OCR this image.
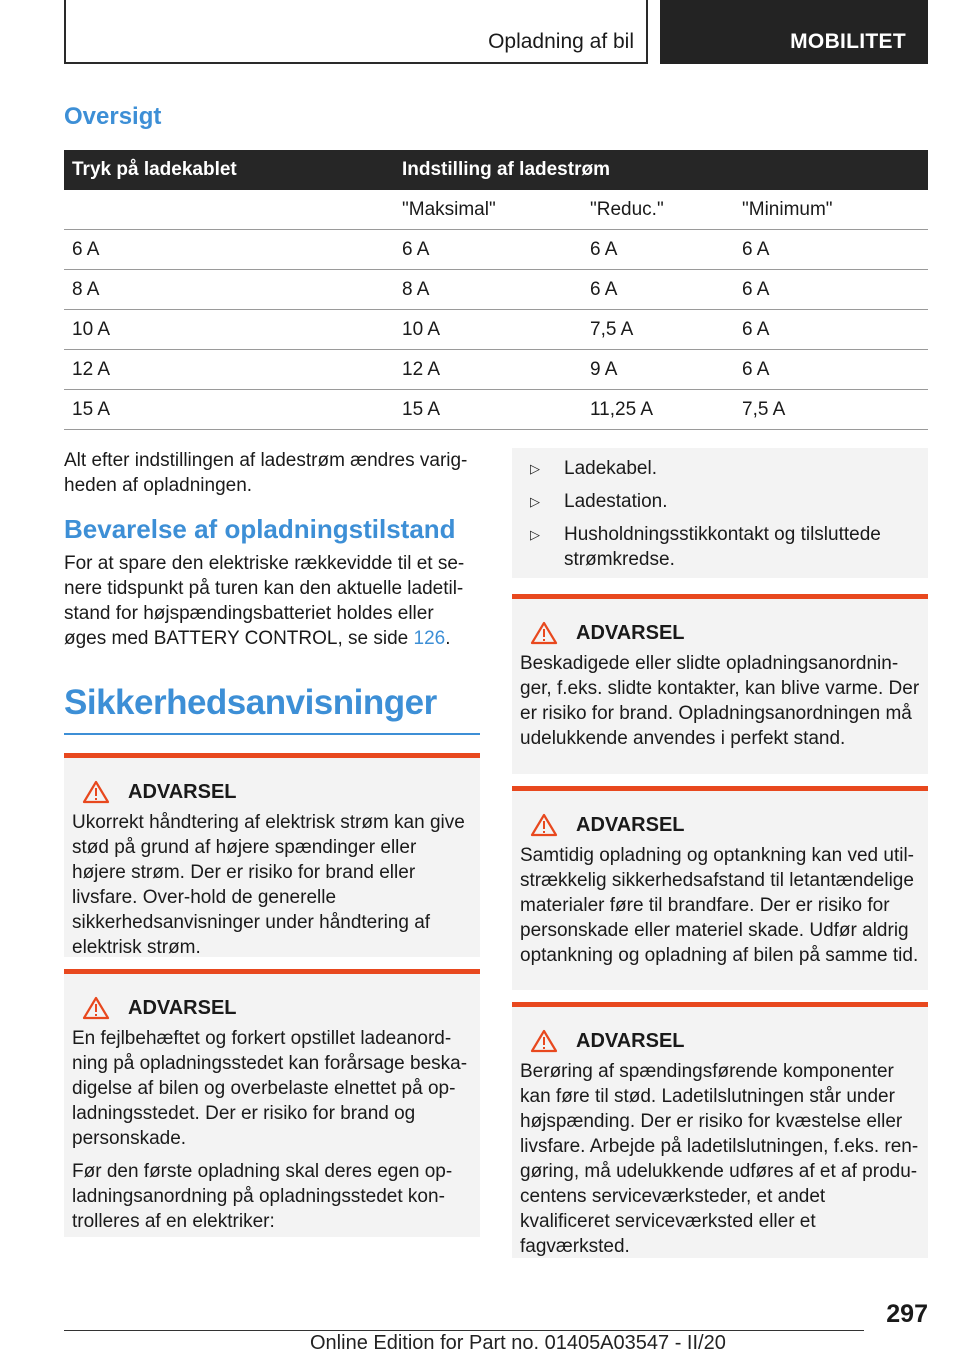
Opladning af bil	MOBILITET
Oversigt
Tryk på ladekablet	Indstilling af ladestrøm		
	"Maksimal"	"Reduc."	"Minimum"
6 A	6 A	6 A	6 A
8 A	8 A	6 A	6 A
10 A	10 A	7,5 A	6 A
12 A	12 A	9 A	6 A
15 A	15 A	11,25 A	7,5 A

Alt efter indstillingen af ladestrøm ændres varig-heden af opladningen.

Bevarelse af opladningstilstand

For at spare den elektriske rækkevidde til et se-nere tidspunkt på turen kan den aktuelle ladetil-stand for højspændingsbatteriet holdes eller øges med BATTERY CONTROL, se side 126.

Sikkerhedsanvisninger
ADVARSEL

Ukorrekt håndtering af elektrisk strøm kan give stød på grund af højere spændinger eller højere strøm. Der er risiko for brand eller livsfare. Over-hold de generelle sikkerhedsanvisninger under håndtering af elektrisk strøm.

ADVARSEL

En fejlbehæftet og forkert opstillet ladeanord-ning på opladningsstedet kan forårsage beska-digelse af bilen og overbelaste elnettet på op-ladningsstedet. Der er risiko for brand og personskade.

Før den første opladning skal deres egen op-ladningsanordning på opladningsstedet kon-trolleres af en elektriker:

▷	Ladekabel.
▷	Ladestation.
▷	Husholdningsstikkontakt og tilsluttede strømkredse.
ADVARSEL

Beskadigede eller slidte opladningsanordnin-ger, f.eks. slidte kontakter, kan blive varme. Der er risiko for brand. Opladningsanordningen må udelukkende anvendes i perfekt stand.

ADVARSEL

Samtidig opladning og optankning kan ved util-strækkelig sikkerhedsafstand til letantændelige materialer føre til brandfare. Der er risiko for personskade eller materiel skade. Udfør aldrig optankning og opladning af bilen på samme tid.

ADVARSEL

Berøring af spændingsførende komponenter kan føre til stød. Ladetilslutningen står under højspænding. Der er risiko for kvæstelse eller livsfare. Arbejde på ladetilslutningen, f.eks. ren-gøring, må udelukkende udføres af et af produ-centens serviceværksteder, et andet kvalificeret serviceværksted eller et fagværksted.

297
Online Edition for Part no. 01405A03547 - II/20
